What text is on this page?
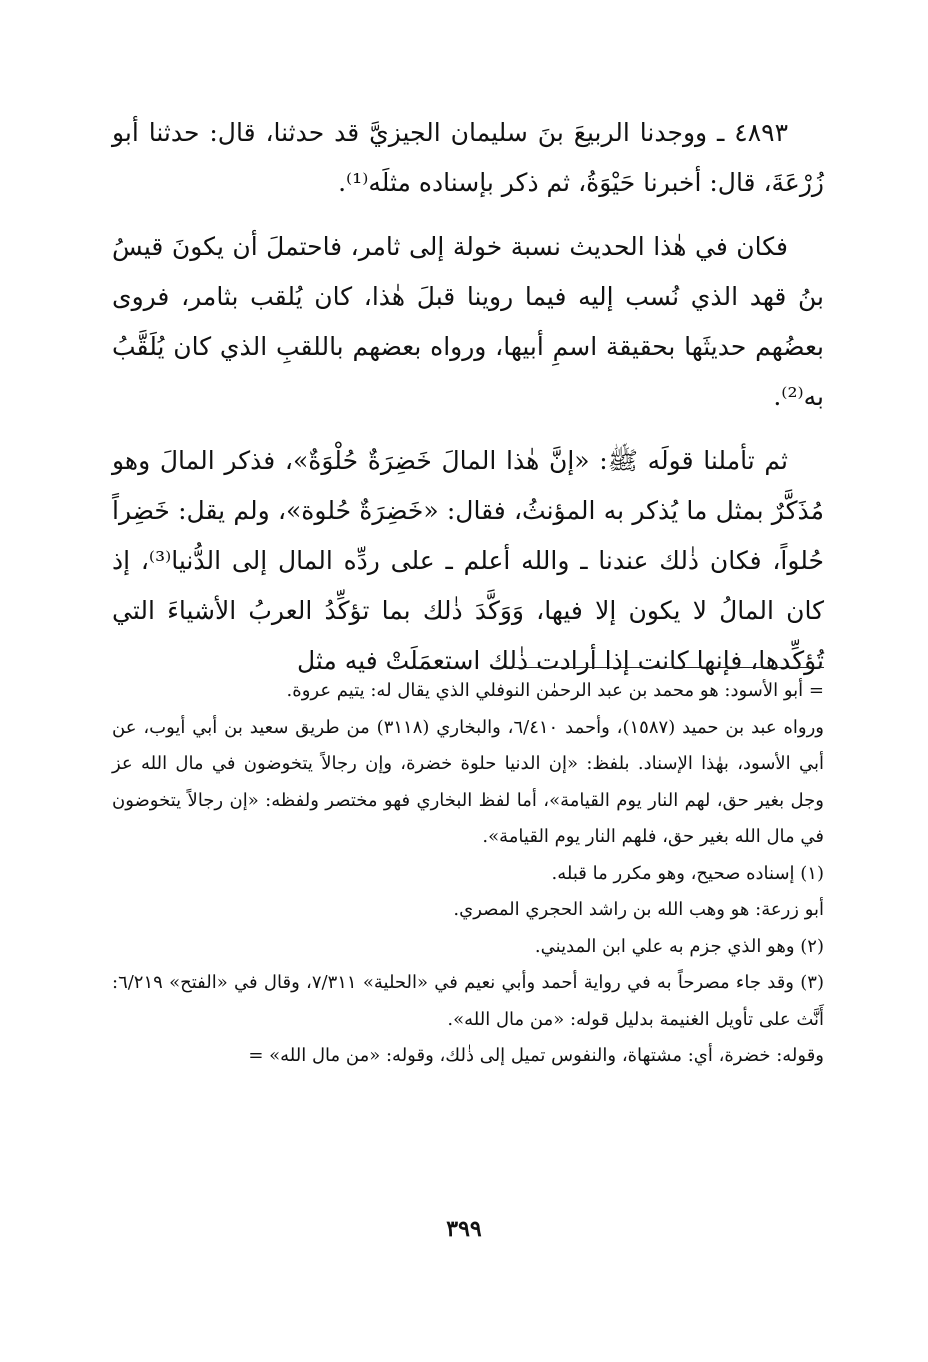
٤٨٩٣ ـ ووجدنا الربيعَ بنَ سليمان الجيزيَّ قد حدثنا، قال: حدثنا أبو زُرْعَةَ، قال: أخبرنا حَيْوَةُ، ثم ذكر بإسناده مثلَه⁽¹⁾.

فكان في هٰذا الحديث نسبة خولة إلى ثامر، فاحتملَ أن يكونَ قيسُ بنُ قهد الذي نُسب إليه فيما روينا قبلَ هٰذا، كان يُلقب بثامر، فروى بعضُهم حديثَها بحقيقة اسمِ أبيها، ورواه بعضهم باللقبِ الذي كان يُلَقَّبُ به⁽²⁾.

ثم تأملنا قولَه ﷺ: «إنَّ هٰذا المالَ خَضِرَةٌ حُلْوَةٌ»، فذكر المالَ وهو مُذَكَّرٌ بمثل ما يُذكر به المؤنثُ، فقال: «خَضِرَةٌ حُلوة»، ولم يقل: خَضِراً حُلواً، فكان ذٰلك عندنا ـ والله أعلم ـ على ردِّه المال إلى الدُّنيا⁽³⁾، إذ كان المالُ لا يكون إلا فيها، وَوَكَّدَ ذٰلك بما تؤكِّدُ العربُ الأشياءَ التي تُؤكِّدها، فإنها كانت إذا أرادت ذٰلك استعمَلَتْ فيه مثل

= أبو الأسود: هو محمد بن عبد الرحمٰن النوفلي الذي يقال له: يتيم عروة.

ورواه عبد بن حميد (١٥٨٧)، وأحمد ٦/٤١٠، والبخاري (٣١١٨) من طريق سعيد بن أبي أيوب، عن أبي الأسود، بهٰذا الإسناد. بلفظ: «إن الدنيا حلوة خضرة، وإن رجالاً يتخوضون في مال الله عز وجل بغير حق، لهم النار يوم القيامة»، أما لفظ البخاري فهو مختصر ولفظه: «إن رجالاً يتخوضون في مال الله بغير حق، فلهم النار يوم القيامة».

(١) إسناده صحيح، وهو مكرر ما قبله.

أبو زرعة: هو وهب الله بن راشد الحجري المصري.

(٢) وهو الذي جزم به علي ابن المديني.

(٣) وقد جاء مصرحاً به في رواية أحمد وأبي نعيم في «الحلية» ٧/٣١١، وقال في «الفتح» ٦/٢١٩: أَنَّث على تأويل الغنيمة بدليل قوله: «من مال الله».

وقوله: خضرة، أي: مشتهاة، والنفوس تميل إلى ذٰلك، وقوله: «من مال الله» =

٣٩٩
